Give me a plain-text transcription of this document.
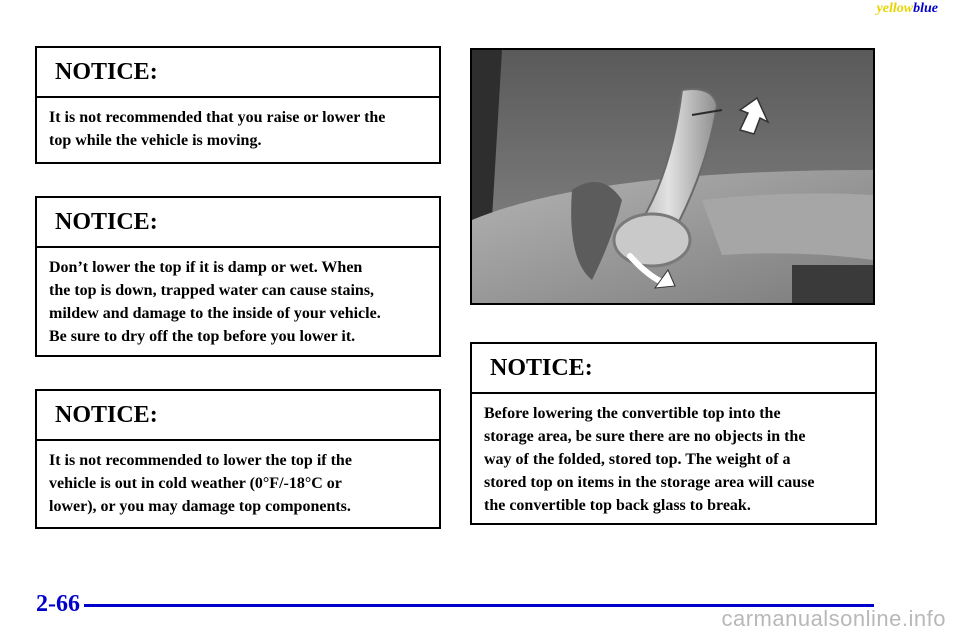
yellowblue
NOTICE:
It is not recommended that you raise or lower the
top while the vehicle is moving.
NOTICE:
Don’t lower the top if it is damp or wet. When
the top is down, trapped water can cause stains,
mildew and damage to the inside of your vehicle.
Be sure to dry off the top before you lower it.
NOTICE:
It is not recommended to lower the top if the
vehicle is out in cold weather (0°F/-18°C or
lower), or you may damage top components.
NOTICE:
Before lowering the convertible top into the
storage area, be sure there are no objects in the
way of the folded, stored top. The weight of a
stored top on items in the storage area will cause
the convertible top back glass to break.
2-66
carmanualsonline.info
